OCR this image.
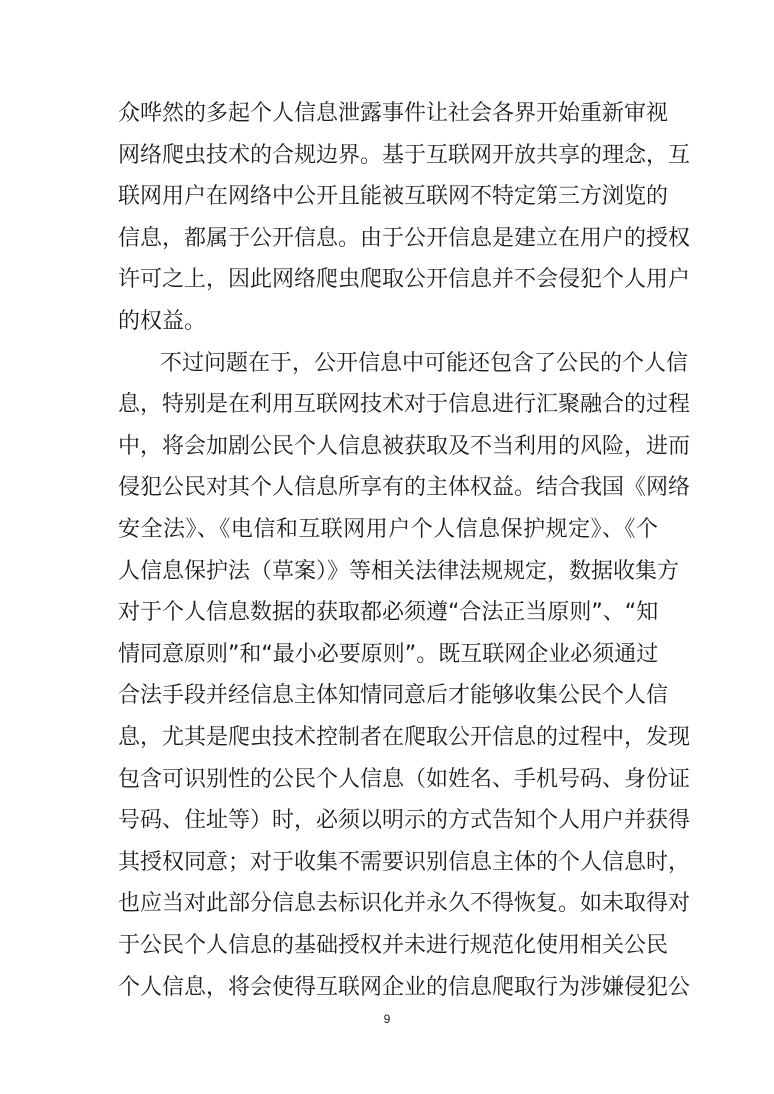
众哗然的多起个人信息泄露事件让社会各界开始重新审视
网络爬虫技术的合规边界。基于互联网开放共享的理念，互
联网用户在网络中公开且能被互联网不特定第三方浏览的
信息，都属于公开信息。由于公开信息是建立在用户的授权
许可之上，因此网络爬虫爬取公开信息并不会侵犯个人用户
的权益。
不过问题在于，公开信息中可能还包含了公民的个人信
息，特别是在利用互联网技术对于信息进行汇聚融合的过程
中，将会加剧公民个人信息被获取及不当利用的风险，进而
侵犯公民对其个人信息所享有的主体权益。结合我国《网络
安全法》、《电信和互联网用户个人信息保护规定》、《个
人信息保护法（草案）》等相关法律法规规定，数据收集方
对于个人信息数据的获取都必须遵“合法正当原则”、“知
情同意原则”和“最小必要原则”。既互联网企业必须通过
合法手段并经信息主体知情同意后才能够收集公民个人信
息，尤其是爬虫技术控制者在爬取公开信息的过程中，发现
包含可识别性的公民个人信息（如姓名、手机号码、身份证
号码、住址等）时，必须以明示的方式告知个人用户并获得
其授权同意；对于收集不需要识别信息主体的个人信息时，
也应当对此部分信息去标识化并永久不得恢复。如未取得对
于公民个人信息的基础授权并未进行规范化使用相关公民
个人信息，将会使得互联网企业的信息爬取行为涉嫌侵犯公
9
